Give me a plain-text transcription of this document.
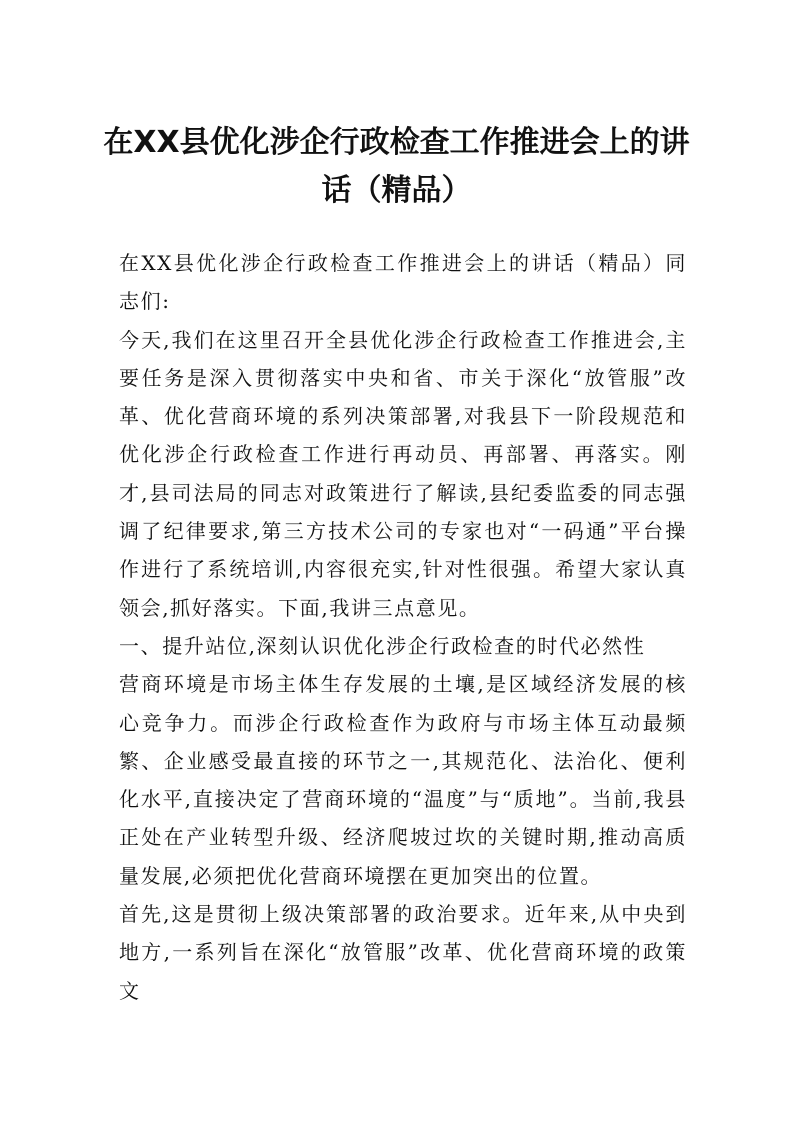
在XX县优化涉企行政检查工作推进会上的讲话（精品）

在XX县优化涉企行政检查工作推进会上的讲话（精品）同志们:

今天,我们在这里召开全县优化涉企行政检查工作推进会,主要任务是深入贯彻落实中央和省、市关于深化“放管服”改革、优化营商环境的系列决策部署,对我县下一阶段规范和优化涉企行政检查工作进行再动员、再部署、再落实。刚才,县司法局的同志对政策进行了解读,县纪委监委的同志强调了纪律要求,第三方技术公司的专家也对“一码通”平台操作进行了系统培训,内容很充实,针对性很强。希望大家认真领会,抓好落实。下面,我讲三点意见。

一、提升站位,深刻认识优化涉企行政检查的时代必然性

营商环境是市场主体生存发展的土壤,是区域经济发展的核心竞争力。而涉企行政检查作为政府与市场主体互动最频繁、企业感受最直接的环节之一,其规范化、法治化、便利化水平,直接决定了营商环境的“温度”与“质地”。当前,我县正处在产业转型升级、经济爬坡过坎的关键时期,推动高质量发展,必须把优化营商环境摆在更加突出的位置。

首先,这是贯彻上级决策部署的政治要求。近年来,从中央到地方,一系列旨在深化“放管服”改革、优化营商环境的政策文
